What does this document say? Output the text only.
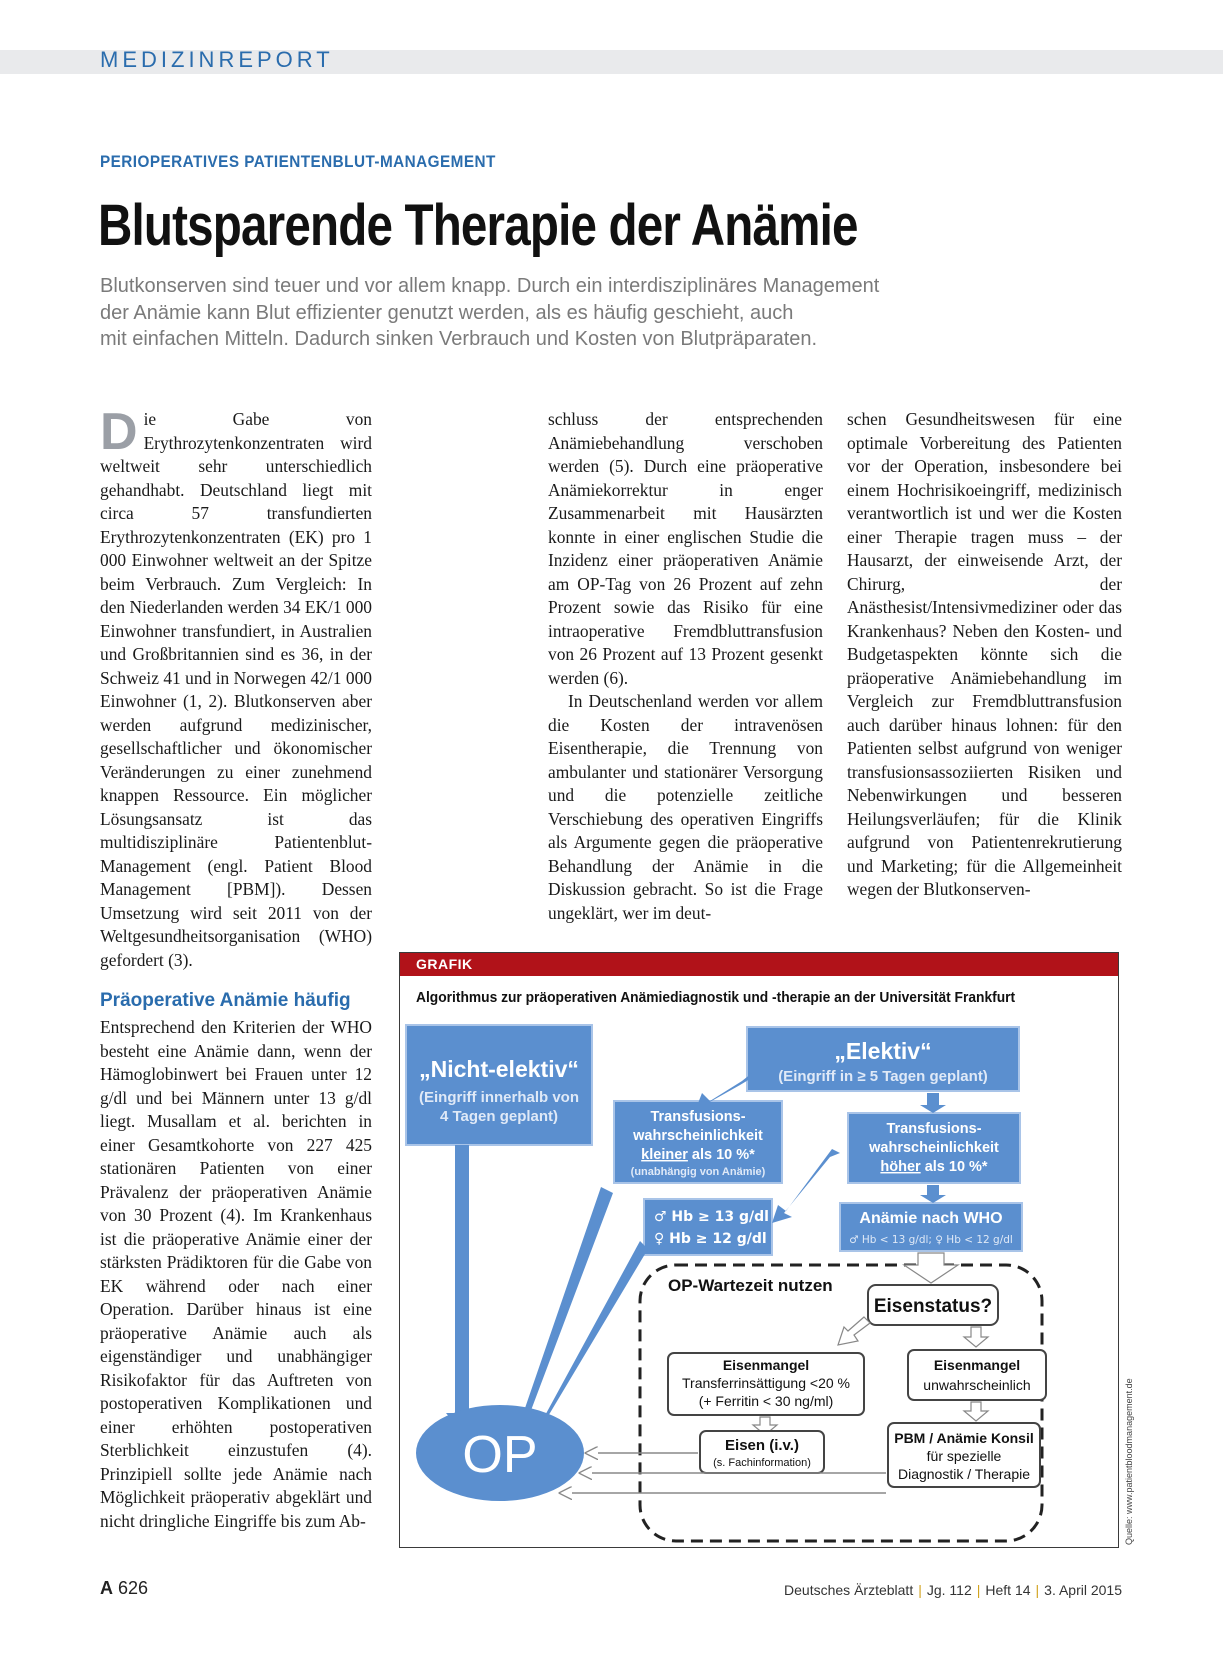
MEDIZINREPORT
PERIOPERATIVES PATIENTENBLUT-MANAGEMENT
Blutsparende Therapie der Anämie
Blutkonserven sind teuer und vor allem knapp. Durch ein interdisziplinäres Management
der Anämie kann Blut effizienter genutzt werden, als es häufig geschieht, auch
mit einfachen Mitteln. Dadurch sinken Verbrauch und Kosten von Blutpräparaten.
D ie Gabe von Erythrozytenkonzentraten wird weltweit sehr unterschiedlich gehandhabt. Deutschland liegt mit circa 57 transfundierten Erythrozytenkonzentraten (EK) pro 1 000 Einwohner weltweit an der Spitze beim Verbrauch. Zum Vergleich: In den Niederlanden werden 34 EK/1 000 Einwohner transfundiert, in Australien und Großbritannien sind es 36, in der Schweiz 41 und in Norwegen 42/1 000 Einwohner (1, 2). Blutkonserven aber werden aufgrund medizinischer, gesellschaftlicher und ökonomischer Veränderungen zu einer zunehmend knappen Ressource. Ein möglicher Lösungsansatz ist das multidisziplinäre Patientenblut-Management (engl. Patient Blood Management [PBM]). Dessen Umsetzung wird seit 2011 von der Weltgesundheitsorganisation (WHO) gefordert (3).

Präoperative Anämie häufig

Entsprechend den Kriterien der WHO besteht eine Anämie dann, wenn der Hämoglobinwert bei Frauen unter 12 g/dl und bei Männern unter 13 g/dl liegt. Musallam et al. berichten in einer Gesamtkohorte von 227 425 stationären Patienten von einer Prävalenz der präoperativen Anämie von 30 Prozent (4). Im Krankenhaus ist die präoperative Anämie einer der stärksten Prädiktoren für die Gabe von EK während oder nach einer Operation. Darüber hinaus ist eine präoperative Anämie auch als eigenständiger und unabhängiger Risikofaktor für das Auftreten von postoperativen Komplikationen und einer erhöhten postoperativen Sterblichkeit einzustufen (4). Prinzipiell sollte jede Anämie nach Möglichkeit präoperativ abgeklärt und nicht dringliche Eingriffe bis zum Ab-

schluss der entsprechenden Anämiebehandlung verschoben werden (5). Durch eine präoperative Anämiekorrektur in enger Zusammenarbeit mit Hausärzten konnte in einer englischen Studie die Inzidenz einer präoperativen Anämie am OP-Tag von 26 Prozent auf zehn Prozent sowie das Risiko für eine intraoperative Fremdbluttransfusion von 26 Prozent auf 13 Prozent gesenkt werden (6).

In Deutschenland werden vor allem die Kosten der intravenösen Eisentherapie, die Trennung von ambulanter und stationärer Versorgung und die potenzielle zeitliche Verschiebung des operativen Eingriffs als Argumente gegen die präoperative Behandlung der Anämie in die Diskussion gebracht. So ist die Frage ungeklärt, wer im deut-

schen Gesundheitswesen für eine optimale Vorbereitung des Patienten vor der Operation, insbesondere bei einem Hochrisikoeingriff, medizinisch verantwortlich ist und wer die Kosten einer Therapie tragen muss – der Hausarzt, der einweisende Arzt, der Chirurg, der Anästhesist/Intensivmediziner oder das Krankenhaus? Neben den Kosten- und Budgetaspekten könnte sich die präoperative Anämiebehandlung im Vergleich zur Fremdbluttransfusion auch darüber hinaus lohnen: für den Patienten selbst aufgrund von weniger transfusionsassoziierten Risiken und Nebenwirkungen und besseren Heilungsverläufen; für die Klinik aufgrund von Patientenrekrutierung und Marketing; für die Allgemeinheit wegen der Blutkonserven-

GRAFIK
Algorithmus zur präoperativen Anämiediagnostik und -therapie an der Universität Frankfurt
„Nicht-elektiv“
(Eingriff innerhalb von
4 Tagen geplant)
„Elektiv“
(Eingriff in ≥ 5 Tagen geplant)
Transfusions-
wahrscheinlichkeit
kleiner als 10 %*
(unabhängig von Anämie)
Transfusions-
wahrscheinlichkeit
höher als 10 %*
♂ Hb ≥ 13 g/dl
♀ Hb ≥ 12 g/dl
Anämie nach WHO
♂ Hb < 13 g/dl; ♀ Hb < 12 g/dl
OP-Wartezeit nutzen
Eisenstatus?
Eisenmangel
Transferrinsättigung <20 %
(+ Ferritin < 30 ng/ml)
Eisenmangel
unwahrscheinlich
Eisen (i.v.)
(s. Fachinformation)
PBM / Anämie Konsil
für spezielle
Diagnostik / Therapie
OP	Quelle: www.patientbloodmanagement.de
A 626	Deutsches Ärzteblatt | Jg. 112 | Heft 14 | 3. April 2015
